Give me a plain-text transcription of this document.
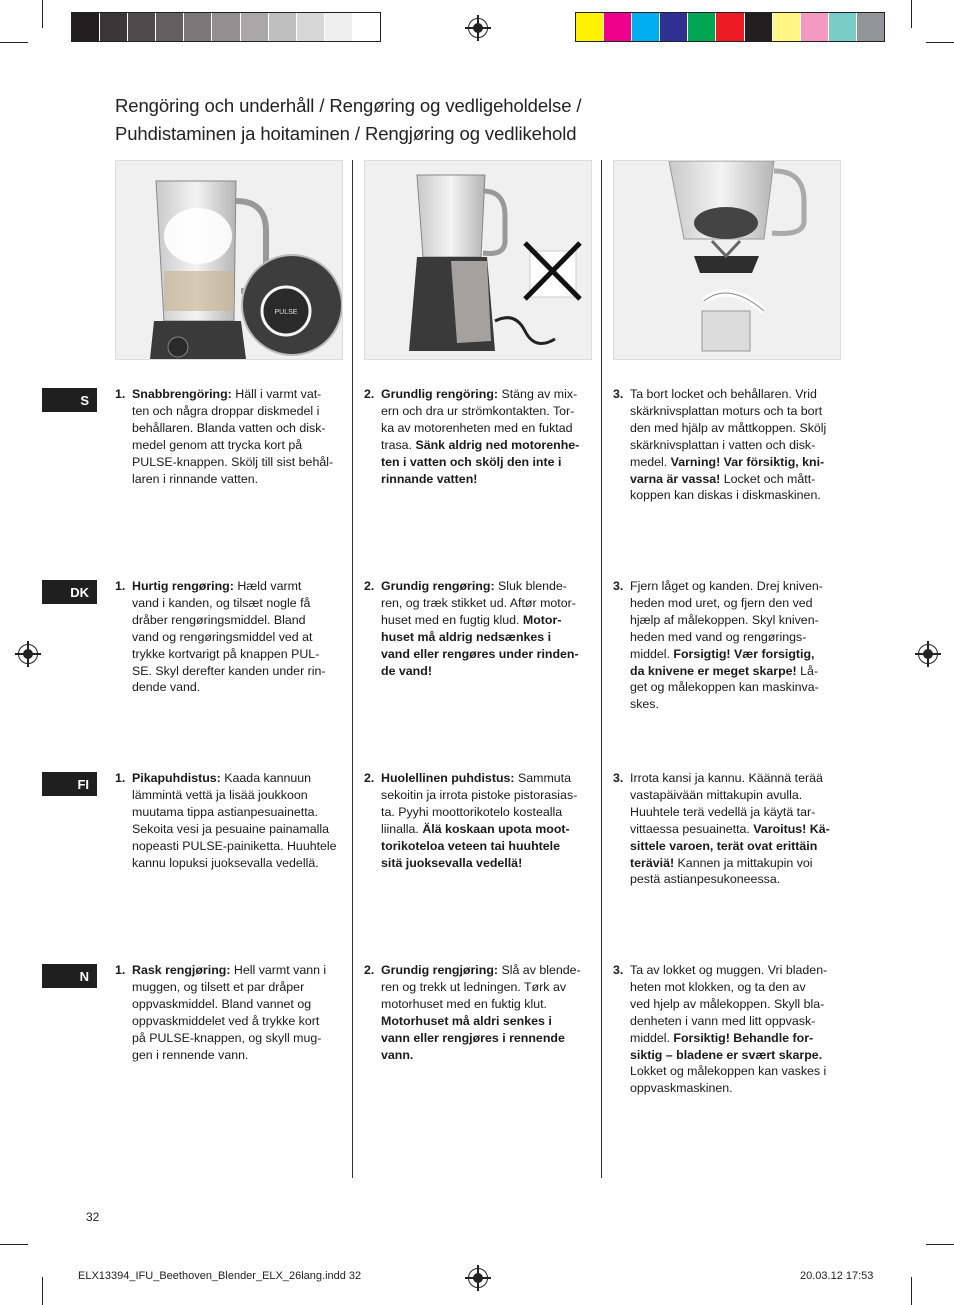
Rengöring och underhåll / Rengøring og vedligeholdelse /
Puhdistaminen ja hoitaminen / Rengjøring og vedlikehold
PULSE
S	1. Snabbrengöring: Häll i varmt vat-
ten och några droppar diskmedel i
behållaren. Blanda vatten och disk-
medel genom att trycka kort på
PULSE-knappen. Skölj till sist behål-
laren i rinnande vatten.
2. Grundlig rengöring: Stäng av mix-
ern och dra ur strömkontakten. Tor-
ka av motorenheten med en fuktad
trasa. Sänk aldrig ned motorenhe-
ten i vatten och skölj den inte i
rinnande vatten!
3. Ta bort locket och behållaren. Vrid
skärknivsplattan moturs och ta bort
den med hjälp av måttkoppen. Skölj
skärknivsplattan i vatten och disk-
medel. Varning! Var försiktig, kni-
varna är vassa! Locket och mått-
koppen kan diskas i diskmaskinen.
DK	1. Hurtig rengøring: Hæld varmt
vand i kanden, og tilsæt nogle få
dråber rengøringsmiddel. Bland
vand og rengøringsmiddel ved at
trykke kortvarigt på knappen PUL-
SE. Skyl derefter kanden under rin-
dende vand.
2. Grundig rengøring: Sluk blende-
ren, og træk stikket ud. Aftør motor-
huset med en fugtig klud. Motor-
huset må aldrig nedsænkes i
vand eller rengøres under rinden-
de vand!
3. Fjern låget og kanden. Drej kniven-
heden mod uret, og fjern den ved
hjælp af målekoppen. Skyl kniven-
heden med vand og rengørings-
middel. Forsigtig! Vær forsigtig,
da knivene er meget skarpe! Lå-
get og målekoppen kan maskinva-
skes.
FI	1. Pikapuhdistus: Kaada kannuun
lämmintä vettä ja lisää joukkoon
muutama tippa astianpesuainetta.
Sekoita vesi ja pesuaine painamalla
nopeasti PULSE-painiketta. Huuhtele
kannu lopuksi juoksevalla vedellä.
2. Huolellinen puhdistus: Sammuta
sekoitin ja irrota pistoke pistorasias-
ta. Pyyhi moottorikotelo kostealla
liinalla. Älä koskaan upota moot-
torikoteloa veteen tai huuhtele
sitä juoksevalla vedellä!
3. Irrota kansi ja kannu. Käännä terää
vastapäivään mittakupin avulla.
Huuhtele terä vedellä ja käytä tar-
vittaessa pesuainetta. Varoitus! Kä-
sittele varoen, terät ovat erittäin
teräviä! Kannen ja mittakupin voi
pestä astianpesukoneessa.
N	1. Rask rengjøring: Hell varmt vann i
muggen, og tilsett et par dråper
oppvaskmiddel. Bland vannet og
oppvaskmiddelet ved å trykke kort
på PULSE-knappen, og skyll mug-
gen i rennende vann.
2. Grundig rengjøring: Slå av blende-
ren og trekk ut ledningen. Tørk av
motorhuset med en fuktig klut.
Motorhuset må aldri senkes i
vann eller rengjøres i rennende
vann.
3. Ta av lokket og muggen. Vri bladen-
heten mot klokken, og ta den av
ved hjelp av målekoppen. Skyll bla-
denheten i vann med litt oppvask-
middel. Forsiktig! Behandle for-
siktig – bladene er svært skarpe.
Lokket og målekoppen kan vaskes i
oppvaskmaskinen.
32
ELX13394_IFU_Beethoven_Blender_ELX_26lang.indd 32	20.03.12 17:53
